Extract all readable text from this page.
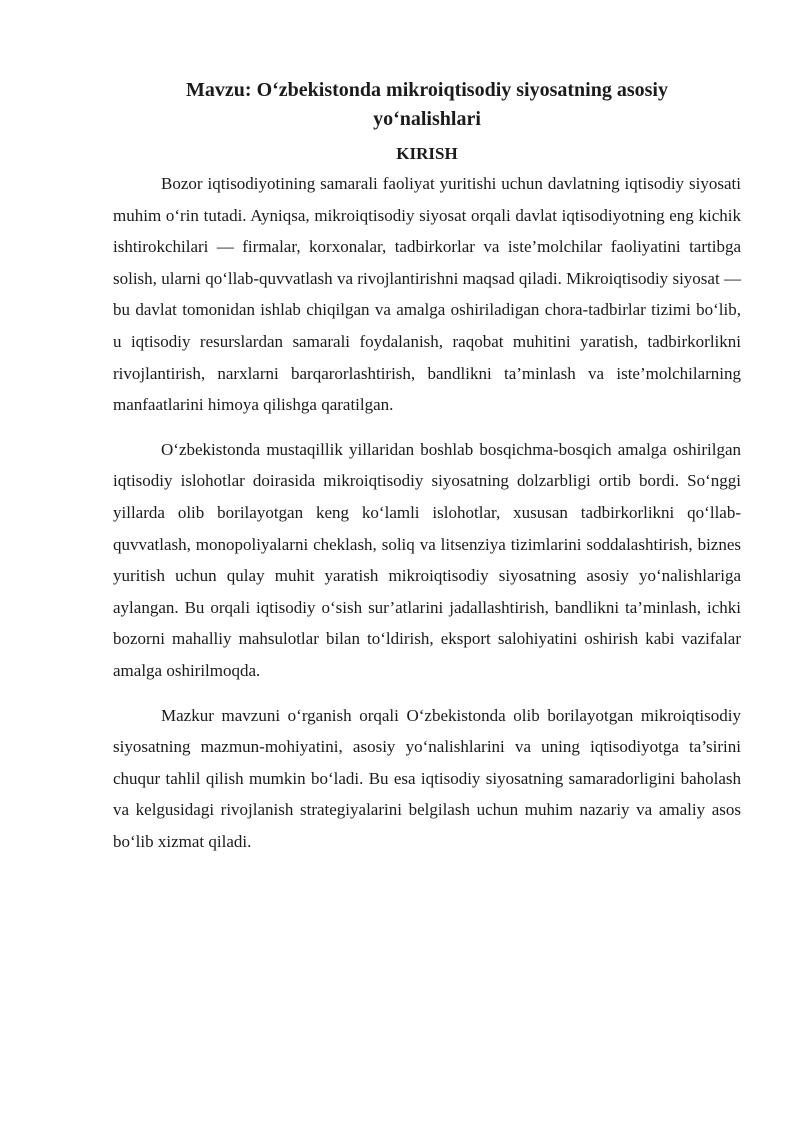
Mavzu: O‘zbekistonda mikroiqtisodiy siyosatning asosiy yo‘nalishlari
KIRISH

Bozor iqtisodiyotining samarali faoliyat yuritishi uchun davlatning iqtisodiy siyosati muhim o‘rin tutadi. Ayniqsa, mikroiqtisodiy siyosat orqali davlat iqtisodiyotning eng kichik ishtirokchilari — firmalar, korxonalar, tadbirkorlar va iste’molchilar faoliyatini tartibga solish, ularni qo‘llab-quvvatlash va rivojlantirishni maqsad qiladi. Mikroiqtisodiy siyosat — bu davlat tomonidan ishlab chiqilgan va amalga oshiriladigan chora-tadbirlar tizimi bo‘lib, u iqtisodiy resurslardan samarali foydalanish, raqobat muhitini yaratish, tadbirkorlikni rivojlantirish, narxlarni barqarorlashtirish, bandlikni ta’minlash va iste’molchilarning manfaatlarini himoya qilishga qaratilgan.

O‘zbekistonda mustaqillik yillaridan boshlab bosqichma-bosqich amalga oshirilgan iqtisodiy islohotlar doirasida mikroiqtisodiy siyosatning dolzarbligi ortib bordi. So‘nggi yillarda olib borilayotgan keng ko‘lamli islohotlar, xususan tadbirkorlikni qo‘llab-quvvatlash, monopoliyalarni cheklash, soliq va litsenziya tizimlarini soddalashtirish, biznes yuritish uchun qulay muhit yaratish mikroiqtisodiy siyosatning asosiy yo‘nalishlariga aylangan. Bu orqali iqtisodiy o‘sish sur’atlarini jadallashtirish, bandlikni ta’minlash, ichki bozorni mahalliy mahsulotlar bilan to‘ldirish, eksport salohiyatini oshirish kabi vazifalar amalga oshirilmoqda.

Mazkur mavzuni o‘rganish orqali O‘zbekistonda olib borilayotgan mikroiqtisodiy siyosatning mazmun-mohiyatini, asosiy yo‘nalishlarini va uning iqtisodiyotga ta’sirini chuqur tahlil qilish mumkin bo‘ladi. Bu esa iqtisodiy siyosatning samaradorligini baholash va kelgusidagi rivojlanish strategiyalarini belgilash uchun muhim nazariy va amaliy asos bo‘lib xizmat qiladi.
